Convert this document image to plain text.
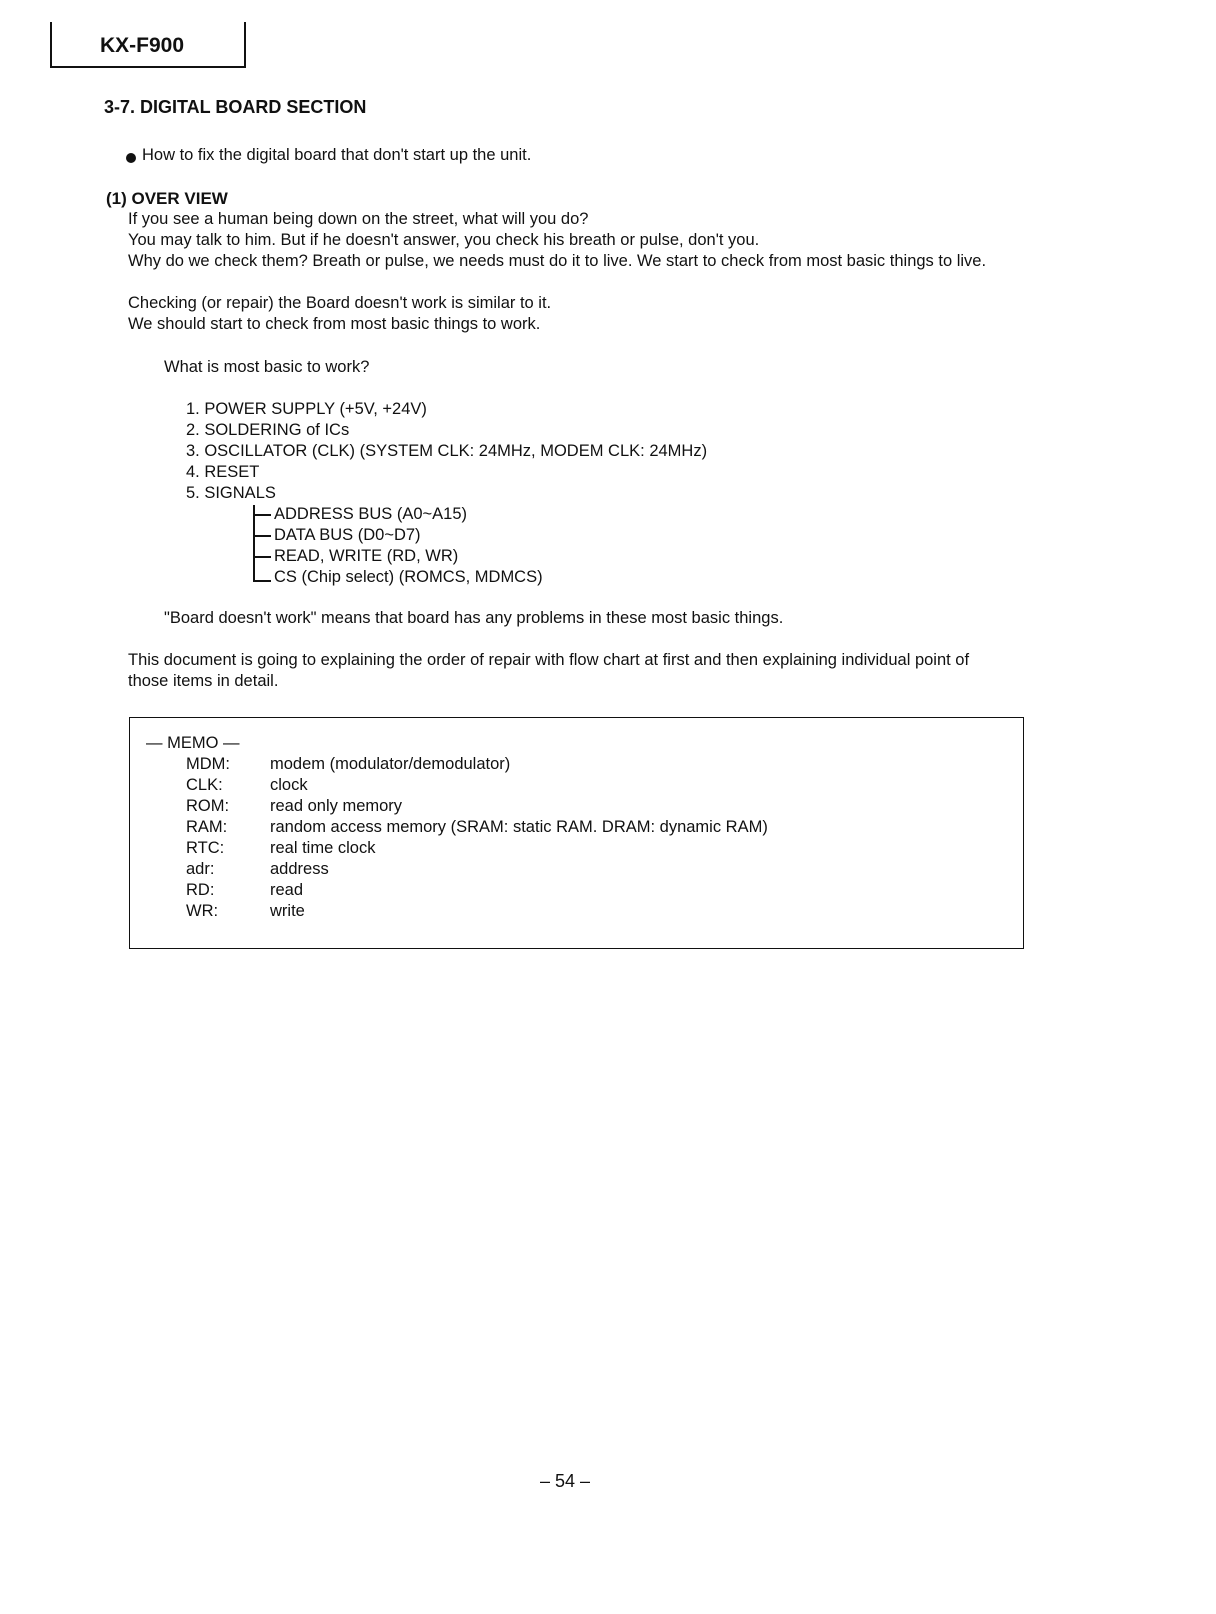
KX-F900
3-7. DIGITAL BOARD SECTION
How to fix the digital board that don't start up the unit.
(1) OVER VIEW
If you see a human being down on the street, what will you do?
You may talk to him. But if he doesn't answer, you check his breath or pulse, don't you.
Why do we check them? Breath or pulse, we needs must do it to live. We start to check from most basic things to live.
Checking (or repair) the Board doesn't work is similar to it.
We should start to check from most basic things to work.
What is most basic to work?
1. POWER SUPPLY (+5V, +24V)
2. SOLDERING of ICs
3. OSCILLATOR (CLK) (SYSTEM CLK: 24MHz, MODEM CLK: 24MHz)
4. RESET
5. SIGNALS
ADDRESS BUS (A0~A15)
DATA BUS (D0~D7)
READ, WRITE (RD, WR)
CS (Chip select) (ROMCS, MDMCS)
"Board doesn't work" means that board has any problems in these most basic things.
This document is going to explaining the order of repair with flow chart at first and then explaining individual point of
those items in detail.
— MEMO —
MDM: modem (modulator/demodulator)
CLK:	clock
ROM: read only memory
RAM:	random access memory (SRAM: static RAM. DRAM: dynamic RAM)
RTC:	real time clock
adr:	address
RD:	read
WR:	write
– 54 –
